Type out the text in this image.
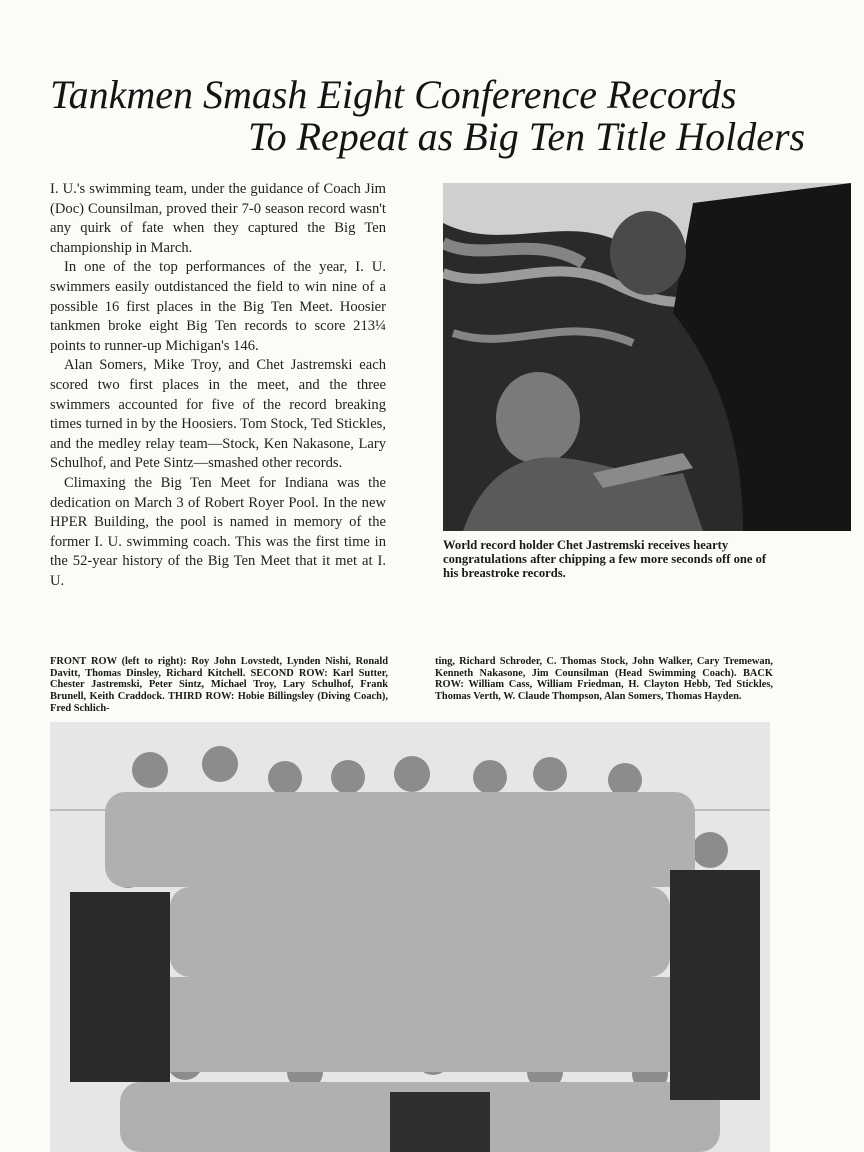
Tankmen Smash Eight Conference Records
To Repeat as Big Ten Title Holders

I. U.'s swimming team, under the guidance of Coach Jim (Doc) Counsilman, proved their 7-0 season record wasn't any quirk of fate when they captured the Big Ten championship in March.

In one of the top performances of the year, I. U. swimmers easily outdistanced the field to win nine of a possible 16 first places in the Big Ten Meet. Hoosier tankmen broke eight Big Ten records to score 213¼ points to runner-up Michigan's 146.

Alan Somers, Mike Troy, and Chet Jastremski each scored two first places in the meet, and the three swimmers accounted for five of the record breaking times turned in by the Hoosiers. Tom Stock, Ted Stickles, and the medley relay team—Stock, Ken Nakasone, Lary Schulhof, and Pete Sintz—smashed other records.

Climaxing the Big Ten Meet for Indiana was the dedication on March 3 of Robert Royer Pool. In the new HPER Building, the pool is named in memory of the former I. U. swimming coach. This was the first time in the 52-year history of the Big Ten Meet that it met at I. U.

World record holder Chet Jastremski receives hearty congratulations after chipping a few more seconds off one of his breastroke records.
FRONT ROW (left to right): Roy John Lovstedt, Lynden Nishi, Ronald Davitt, Thomas Dinsley, Richard Kitchell. SECOND ROW: Karl Sutter, Chester Jastremski, Peter Sintz, Michael Troy, Lary Schulhof, Frank Brunell, Keith Craddock. THIRD ROW: Hobie Billingsley (Diving Coach), Fred Schlich-
ting, Richard Schroder, C. Thomas Stock, John Walker, Cary Tremewan, Kenneth Nakasone, Jim Counsilman (Head Swimming Coach). BACK ROW: William Cass, William Friedman, H. Clayton Hebb, Ted Stickles, Thomas Verth, W. Claude Thompson, Alan Somers, Thomas Hayden.
